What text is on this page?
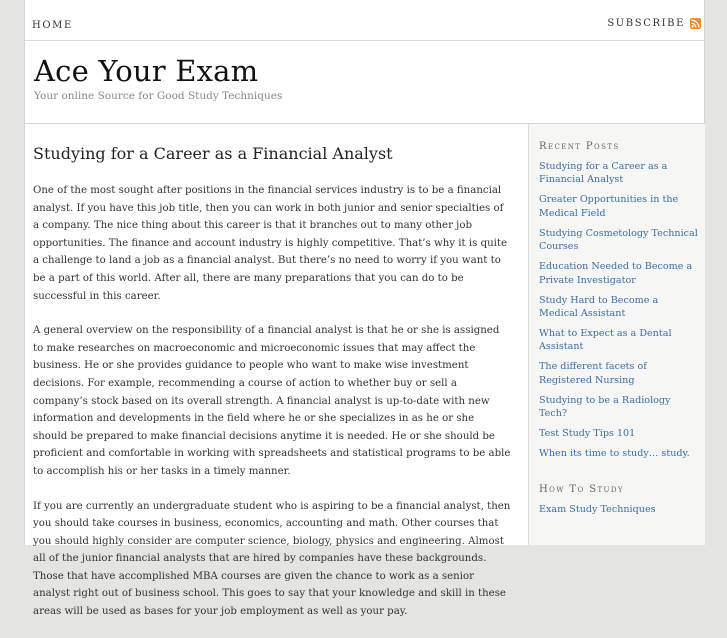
HOME	SUBSCRIBE
Ace Your Exam
Your online Source for Good Study Techniques
Studying for a Career as a Financial Analyst

One of the most sought after positions in the financial services industry is to be a financial analyst. If you have this job title, then you can work in both junior and senior specialties of a company. The nice thing about this career is that it branches out to many other job opportunities. The finance and account industry is highly competitive. That’s why it is quite a challenge to land a job as a financial analyst. But there’s no need to worry if you want to be a part of this world. After all, there are many preparations that you can do to be successful in this career.

A general overview on the responsibility of a financial analyst is that he or she is assigned to make researches on macroeconomic and microeconomic issues that may affect the business. He or she provides guidance to people who want to make wise investment decisions. For example, recommending a course of action to whether buy or sell a company’s stock based on its overall strength. A financial analyst is up-to-date with new information and developments in the field where he or she specializes in as he or she should be prepared to make financial decisions anytime it is needed. He or she should be proficient and comfortable in working with spreadsheets and statistical programs to be able to accomplish his or her tasks in a timely manner.

If you are currently an undergraduate student who is aspiring to be a financial analyst, then you should take courses in business, economics, accounting and math. Other courses that you should highly consider are computer science, biology, physics and engineering. Almost all of the junior financial analysts that are hired by companies have these backgrounds. Those that have accomplished MBA courses are given the chance to work as a senior analyst right out of business school. This goes to say that your knowledge and skill in these areas will be used as bases for your job employment as well as your pay.

Recent Posts
Studying for a Career as a Financial Analyst
Greater Opportunities in the Medical Field
Studying Cosmetology Technical Courses
Education Needed to Become a Private Investigator
Study Hard to Become a Medical Assistant
What to Expect as a Dental Assistant
The different facets of Registered Nursing
Studying to be a Radiology Tech?
Test Study Tips 101
When its time to study… study.
How To Study
Exam Study Techniques
